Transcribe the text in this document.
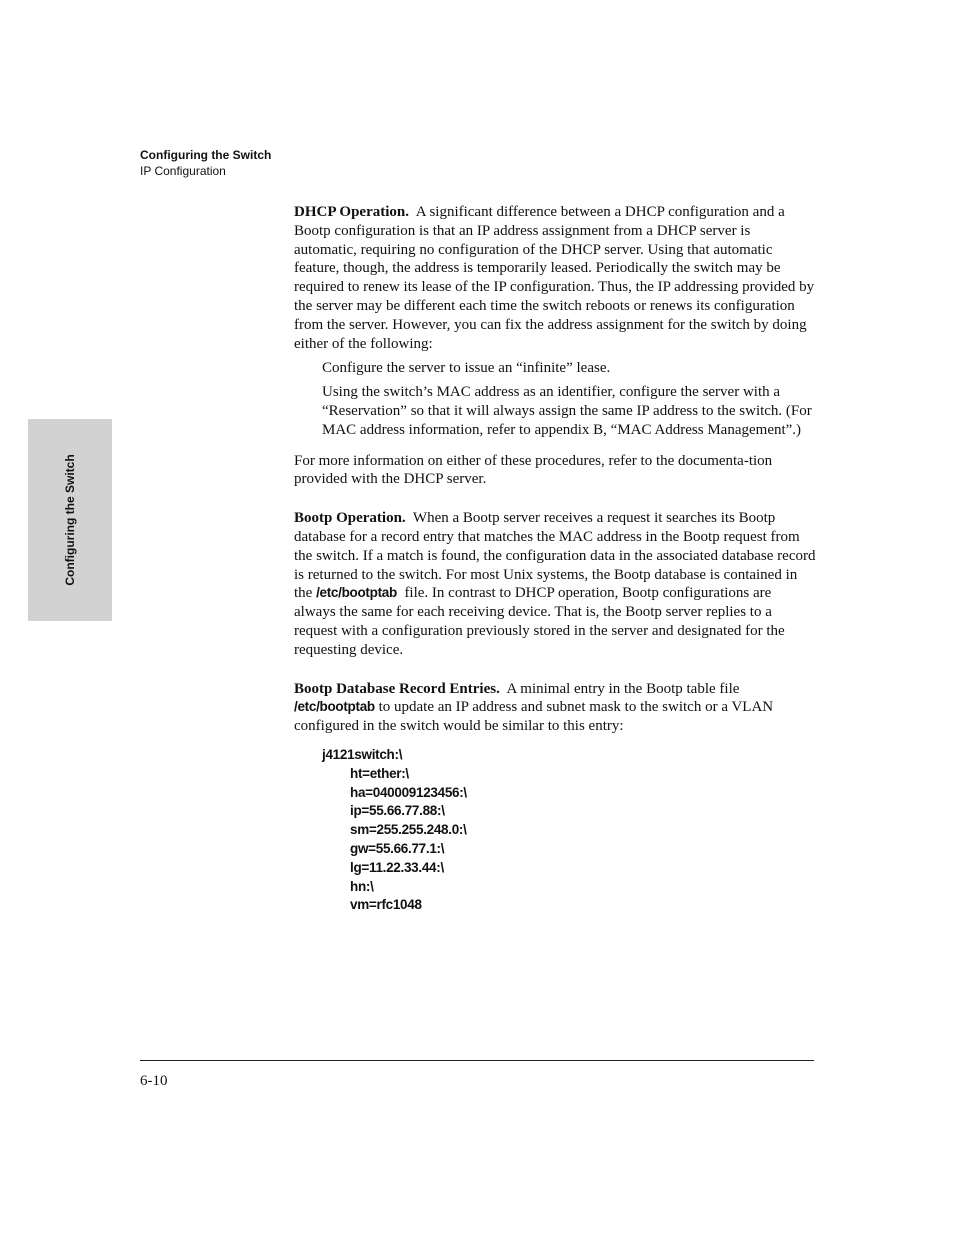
Configuring the Switch
IP Configuration
Configuring the Switch

DHCP Operation. A significant difference between a DHCP configuration and a Bootp configuration is that an IP address assignment from a DHCP server is automatic, requiring no configuration of the DHCP server. Using that automatic feature, though, the address is temporarily leased. Periodically the switch may be required to renew its lease of the IP configuration. Thus, the IP addressing provided by the server may be different each time the switch reboots or renews its configuration from the server. However, you can fix the address assignment for the switch by doing either of the following:

Configure the server to issue an “infinite” lease.

Using the switch’s MAC address as an identifier, configure the server with a “Reservation” so that it will always assign the same IP address to the switch. (For MAC address information, refer to appendix B, “MAC Address Management”.)

For more information on either of these procedures, refer to the documenta-tion provided with the DHCP server.

Bootp Operation. When a Bootp server receives a request it searches its Bootp database for a record entry that matches the MAC address in the Bootp request from the switch. If a match is found, the configuration data in the associated database record is returned to the switch. For most Unix systems, the Bootp database is contained in the /etc/bootptab file. In contrast to DHCP operation, Bootp configurations are always the same for each receiving device. That is, the Bootp server replies to a request with a configuration previously stored in the server and designated for the requesting device.

Bootp Database Record Entries. A minimal entry in the Bootp table file /etc/bootptab to update an IP address and subnet mask to the switch or a VLAN configured in the switch would be similar to this entry:

j4121switch:\
ht=ether:\
ha=040009123456:\
ip=55.66.77.88:\
sm=255.255.248.0:\
gw=55.66.77.1:\
lg=11.22.33.44:\
hn:\
vm=rfc1048
6-10
